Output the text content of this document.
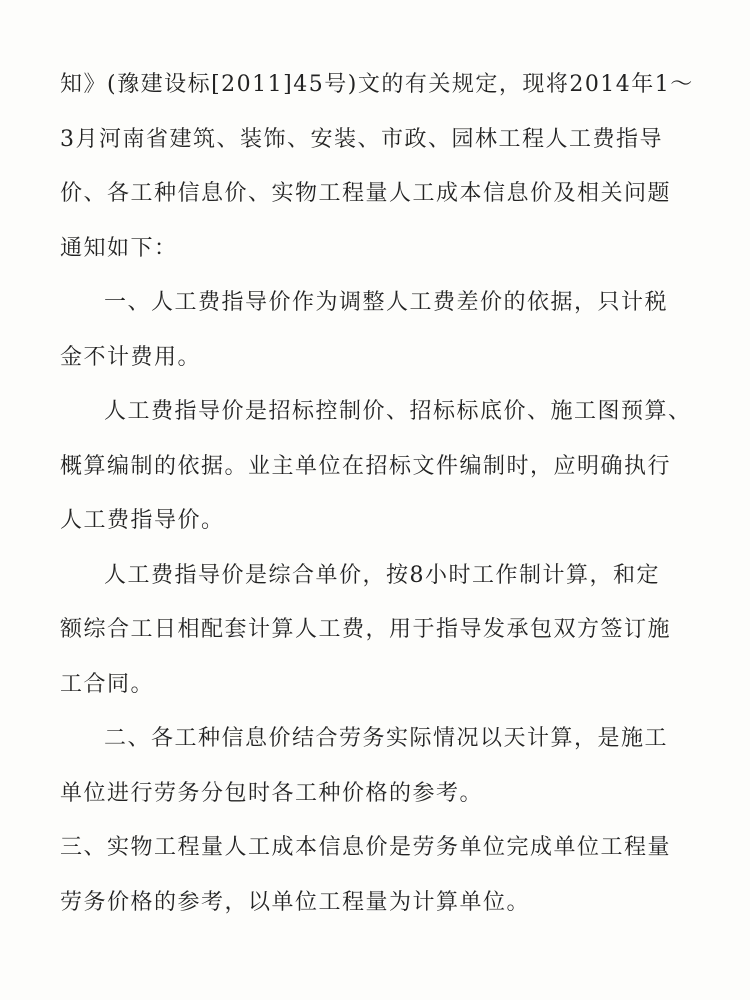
知》(豫建设标[2011]45号)文的有关规定，现将2014年1～
3月河南省建筑、装饰、安装、市政、园林工程人工费指导
价、各工种信息价、实物工程量人工成本信息价及相关问题
通知如下：
一、人工费指导价作为调整人工费差价的依据，只计税
金不计费用。
人工费指导价是招标控制价、招标标底价、施工图预算、
概算编制的依据。业主单位在招标文件编制时，应明确执行
人工费指导价。
人工费指导价是综合单价，按8小时工作制计算，和定
额综合工日相配套计算人工费，用于指导发承包双方签订施
工合同。
二、各工种信息价结合劳务实际情况以天计算，是施工
单位进行劳务分包时各工种价格的参考。
三、实物工程量人工成本信息价是劳务单位完成单位工程量
劳务价格的参考，以单位工程量为计算单位。
